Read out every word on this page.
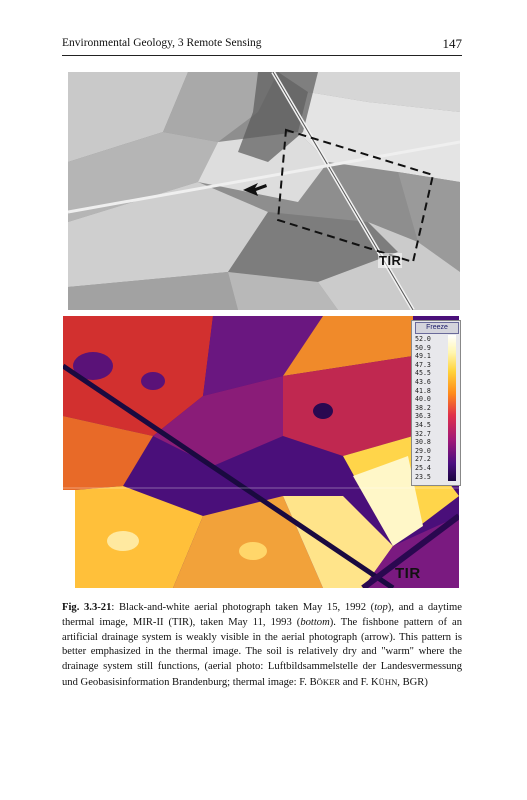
Environmental Geology, 3 Remote Sensing	147
TIR
Freeze
52.0
50.9
49.1
47.3
45.5
43.6
41.8
40.0
38.2
36.3
34.5
32.7
30.8
29.0
27.2
25.4
23.5
TIR
Fig. 3.3-21: Black-and-white aerial photograph taken May 15, 1992 (top), and a daytime thermal image, MIR-II (TIR), taken May 11, 1993 (bottom). The fishbone pattern of an artificial drainage system is weakly visible in the aerial photograph (arrow). This pattern is better emphasized in the thermal image. The soil is relatively dry and "warm" where the drainage system still functions, (aerial photo: Luftbildsammelstelle der Landesvermessung und Geobasisinformation Brandenburg; thermal image: F. BÖKER and F. KÜHN, BGR)
